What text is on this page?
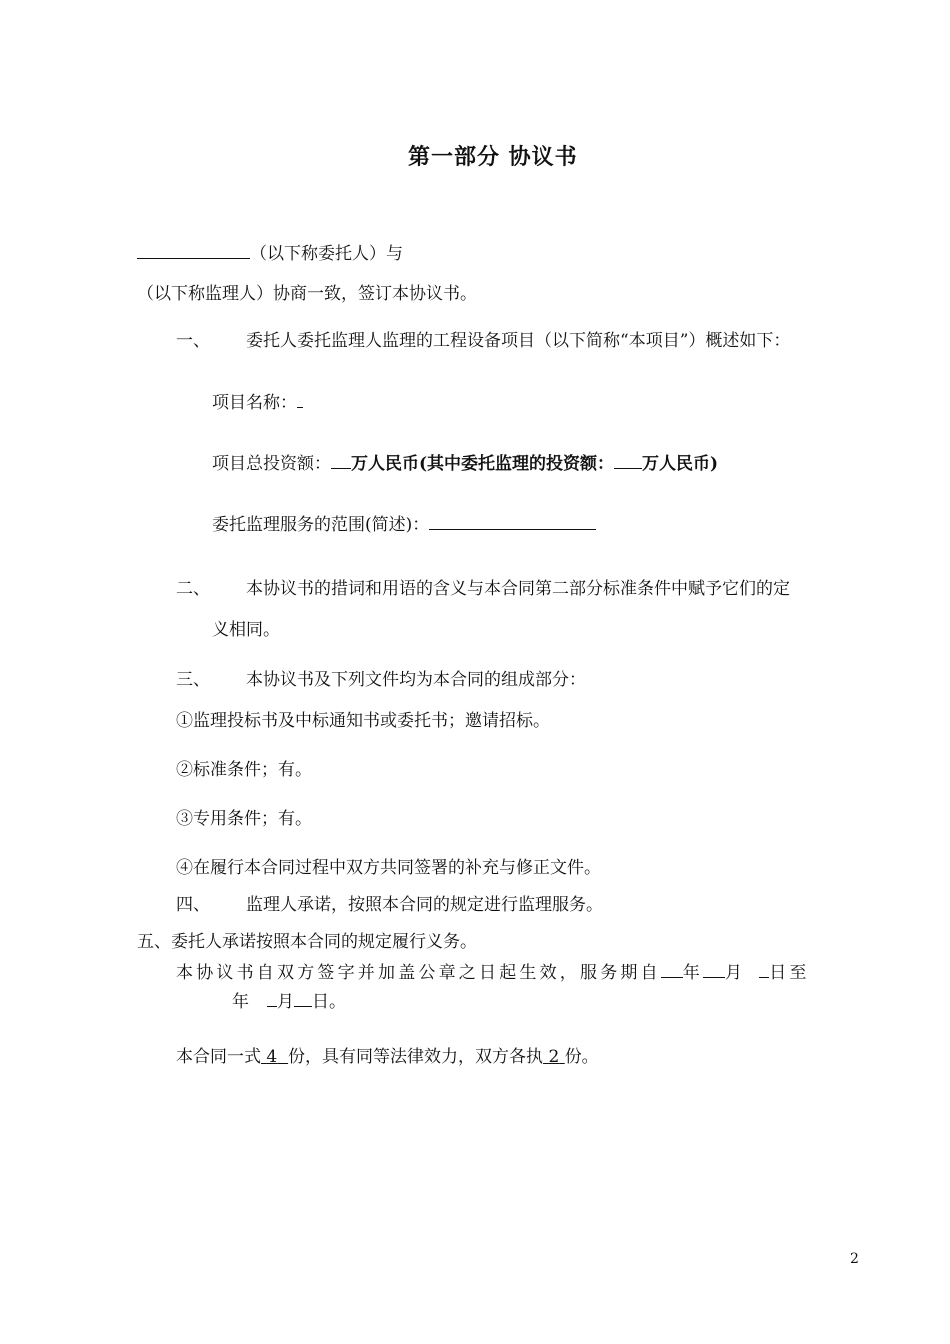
第一部分 协议书
（以下称委托人）与
（以下称监理人）协商一致，签订本协议书。
一、 委托人委托监理人监理的工程设备项目（以下简称“本项目”）概述如下：
项目名称：
项目总投资额： 万人民币(其中委托监理的投资额： 万人民币)
委托监理服务的范围(简述)：
二、 本协议书的措词和用语的含义与本合同第二部分标准条件中赋予它们的定
义相同。
三、 本协议书及下列文件均为本合同的组成部分：
①监理投标书及中标通知书或委托书；邀请招标。
②标准条件；有。
③专用条件；有。
④在履行本合同过程中双方共同签署的补充与修正文件。
四、 监理人承诺，按照本合同的规定进行监理服务。
五、委托人承诺按照本合同的规定履行义务。
本协议书自双方签字并加盖公章之日起生效，服务期自 年 月 日至
年 月 日。
本合同一式 4 份，具有同等法律效力，双方各执 2 份。
2
